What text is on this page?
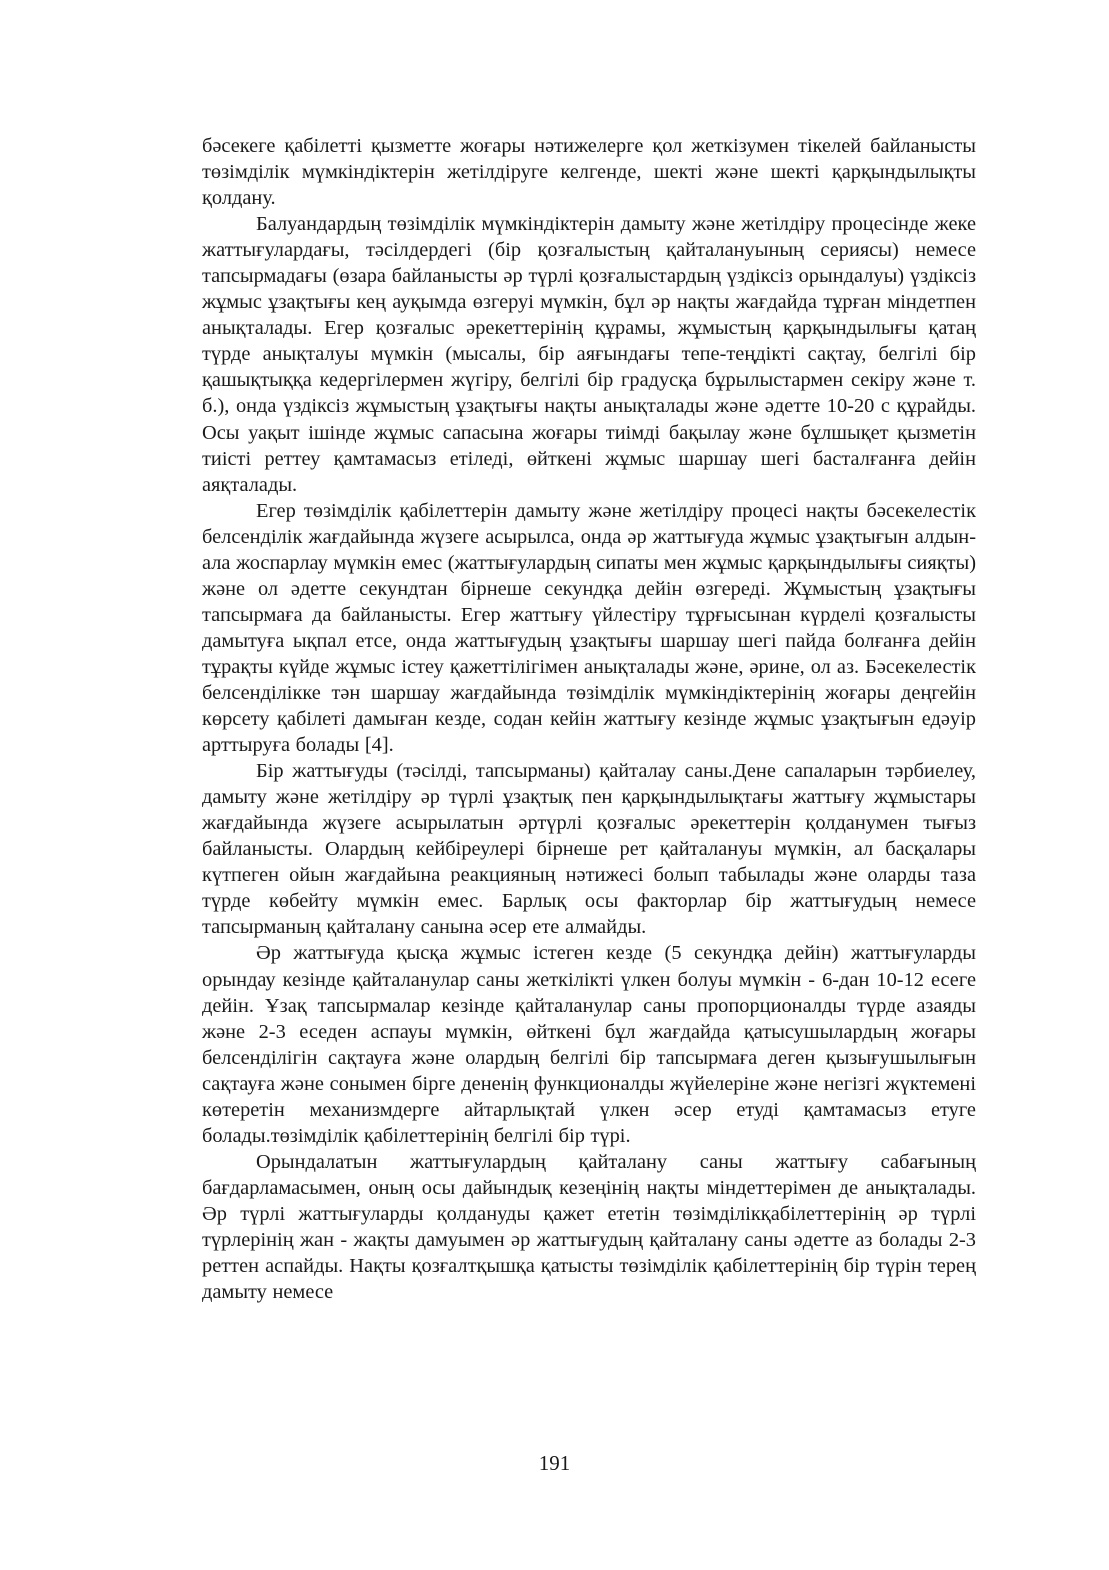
бәсекеге қабілетті қызметте жоғары нәтижелерге қол жеткізумен тікелей байланысты төзімділік мүмкіндіктерін жетілдіруге келгенде, шекті және шекті қарқындылықты қолдану.

Балуандардың төзімділік мүмкіндіктерін дамыту және жетілдіру процесінде жеке жаттығулардағы, тәсілдердегі (бір қозғалыстың қайталануының сериясы) немесе тапсырмадағы (өзара байланысты әр түрлі қозғалыстардың үздіксіз орындалуы) үздіксіз жұмыс ұзақтығы кең ауқымда өзгеруі мүмкін, бұл әр нақты жағдайда тұрған міндетпен анықталады. Егер қозғалыс әрекеттерінің құрамы, жұмыстың қарқындылығы қатаң түрде анықталуы мүмкін (мысалы, бір аяғындағы тепе-теңдікті сақтау, белгілі бір қашықтыққа кедергілермен жүгіру, белгілі бір градусқа бұрылыстармен секіру және т. б.), онда үздіксіз жұмыстың ұзақтығы нақты анықталады және әдетте 10-20 с құрайды. Осы уақыт ішінде жұмыс сапасына жоғары тиімді бақылау және бұлшықет қызметін тиісті реттеу қамтамасыз етіледі, өйткені жұмыс шаршау шегі басталғанға дейін аяқталады.

Егер төзімділік қабілеттерін дамыту және жетілдіру процесі нақты бәсекелестік белсенділік жағдайында жүзеге асырылса, онда әр жаттығуда жұмыс ұзақтығын алдын-ала жоспарлау мүмкін емес (жаттығулардың сипаты мен жұмыс қарқындылығы сияқты) және ол әдетте секундтан бірнеше секундқа дейін өзгереді. Жұмыстың ұзақтығы тапсырмаға да байланысты. Егер жаттығу үйлестіру тұрғысынан күрделі қозғалысты дамытуға ықпал етсе, онда жаттығудың ұзақтығы шаршау шегі пайда болғанға дейін тұрақты күйде жұмыс істеу қажеттілігімен анықталады және, әрине, ол аз. Бәсекелестік белсенділікке тән шаршау жағдайында төзімділік мүмкіндіктерінің жоғары деңгейін көрсету қабілеті дамыған кезде, содан кейін жаттығу кезінде жұмыс ұзақтығын едәуір арттыруға болады [4].

Бір жаттығуды (тәсілді, тапсырманы) қайталау саны.Дене сапаларын тәрбиелеу, дамыту және жетілдіру әр түрлі ұзақтық пен қарқындылықтағы жаттығу жұмыстары жағдайында жүзеге асырылатын әртүрлі қозғалыс әрекеттерін қолданумен тығыз байланысты. Олардың кейбіреулері бірнеше рет қайталануы мүмкін, ал басқалары күтпеген ойын жағдайына реакцияның нәтижесі болып табылады және оларды таза түрде көбейту мүмкін емес. Барлық осы факторлар бір жаттығудың немесе тапсырманың қайталану санына әсер ете алмайды.

Әр жаттығуда қысқа жұмыс істеген кезде (5 секундқа дейін) жаттығуларды орындау кезінде қайталанулар саны жеткілікті үлкен болуы мүмкін - 6-дан 10-12 есеге дейін. Ұзақ тапсырмалар кезінде қайталанулар саны пропорционалды түрде азаяды және 2-3 еседен аспауы мүмкін, өйткені бұл жағдайда қатысушылардың жоғары белсенділігін сақтауға және олардың белгілі бір тапсырмаға деген қызығушылығын сақтауға және сонымен бірге дененің функционалды жүйелеріне және негізгі жүктемені көтеретін механизмдерге айтарлықтай үлкен әсер етуді қамтамасыз етуге болады.төзімділік қабілеттерінің белгілі бір түрі.

Орындалатын жаттығулардың қайталану саны жаттығу сабағының бағдарламасымен, оның осы дайындық кезеңінің нақты міндеттерімен де анықталады. Әр түрлі жаттығуларды қолдануды қажет ететін төзімділікқабілеттерінің әр түрлі түрлерінің жан - жақты дамуымен әр жаттығудың қайталану саны әдетте аз болады 2-3 реттен аспайды. Нақты қозғалтқышқа қатысты төзімділік қабілеттерінің бір түрін терең дамыту немесе

191
